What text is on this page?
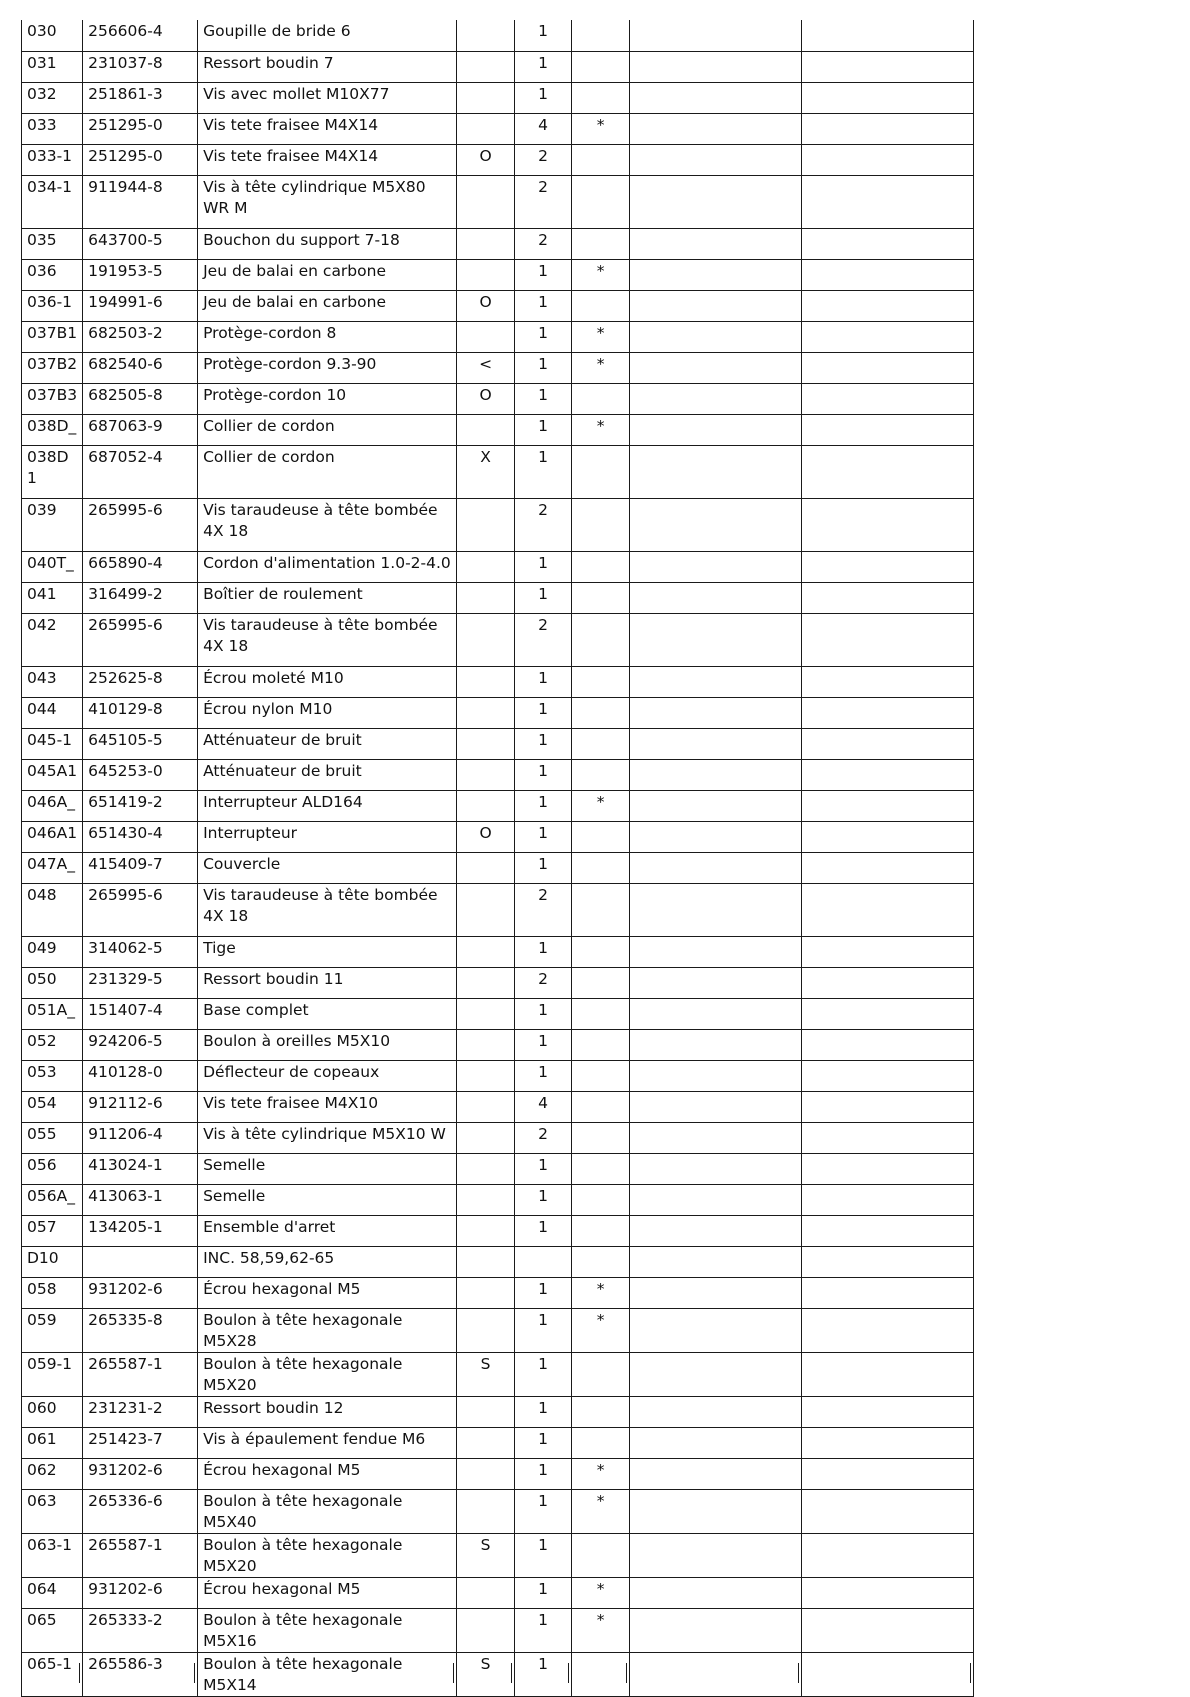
030	256606-4	Goupille de bride 6		1			
031	231037-8	Ressort boudin 7		1			
032	251861-3	Vis avec mollet M10X77		1			
033	251295-0	Vis tete fraisee M4X14		4	*		
033-1	251295-0	Vis tete fraisee M4X14	O	2			
034-1	911944-8	Vis à tête cylindrique M5X80 WR M		2			
035	643700-5	Bouchon du support 7-18		2			
036	191953-5	Jeu de balai en carbone		1	*		
036-1	194991-6	Jeu de balai en carbone	O	1			
037B1	682503-2	Protège-cordon 8		1	*		
037B2	682540-6	Protège-cordon 9.3-90	<	1	*		
037B3	682505-8	Protège-cordon 10	O	1			
038D_	687063-9	Collier de cordon		1	*		
038D 1	687052-4	Collier de cordon	X	1			
039	265995-6	Vis taraudeuse à tête bombée 4X 18		2			
040T_	665890-4	Cordon d'alimentation 1.0-2-4.0		1			
041	316499-2	Boîtier de roulement		1			
042	265995-6	Vis taraudeuse à tête bombée 4X 18		2			
043	252625-8	Écrou moleté M10		1			
044	410129-8	Écrou nylon M10		1			
045-1	645105-5	Atténuateur de bruit		1			
045A1	645253-0	Atténuateur de bruit		1			
046A_	651419-2	Interrupteur ALD164		1	*		
046A1	651430-4	Interrupteur	O	1			
047A_	415409-7	Couvercle		1			
048	265995-6	Vis taraudeuse à tête bombée 4X 18		2			
049	314062-5	Tige		1			
050	231329-5	Ressort boudin 11		2			
051A_	151407-4	Base complet		1			
052	924206-5	Boulon à oreilles M5X10		1			
053	410128-0	Déflecteur de copeaux		1			
054	912112-6	Vis tete fraisee M4X10		4			
055	911206-4	Vis à tête cylindrique M5X10 W		2			
056	413024-1	Semelle		1			
056A_	413063-1	Semelle		1			
057	134205-1	Ensemble d'arret		1			
D10		INC. 58,59,62-65					
058	931202-6	Écrou hexagonal M5		1	*		
059	265335-8	Boulon à tête hexagonale M5X28		1	*		
059-1	265587-1	Boulon à tête hexagonale M5X20	S	1			
060	231231-2	Ressort boudin 12		1			
061	251423-7	Vis à épaulement fendue M6		1			
062	931202-6	Écrou hexagonal M5		1	*		
063	265336-6	Boulon à tête hexagonale M5X40		1	*		
063-1	265587-1	Boulon à tête hexagonale M5X20	S	1			
064	931202-6	Écrou hexagonal M5		1	*		
065	265333-2	Boulon à tête hexagonale M5X16		1	*		
065-1	265586-3	Boulon à tête hexagonale M5X14	S	1			
